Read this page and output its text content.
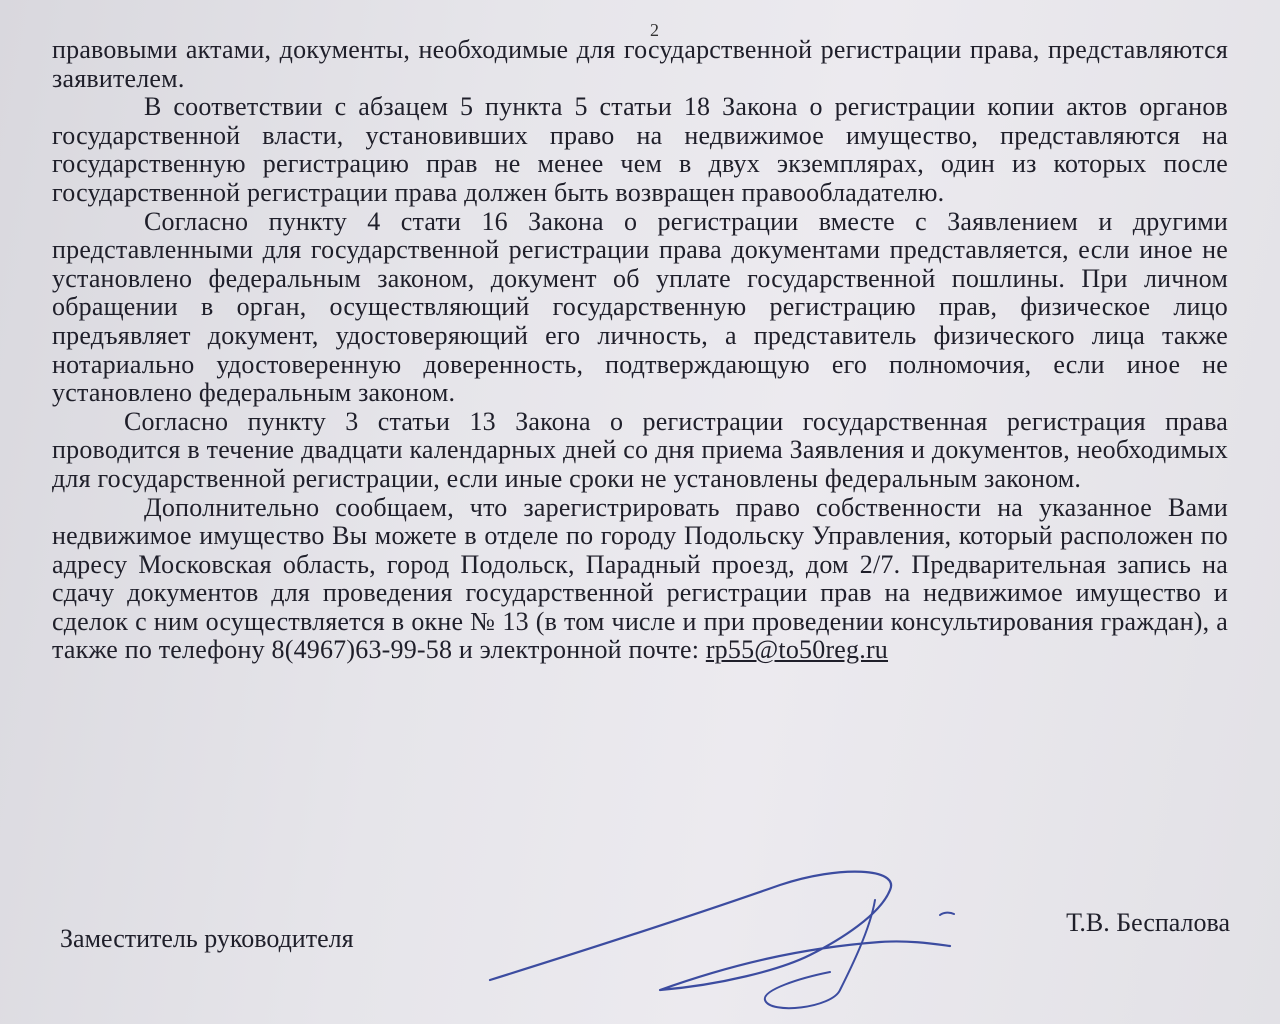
2

правовыми актами, документы, необходимые для государственной регистрации права, представляются заявителем.

В соответствии с абзацем 5 пункта 5 статьи 18 Закона о регистрации копии актов органов государственной власти, установивших право на недвижимое имущество, представляются на государственную регистрацию прав не менее чем в двух экземплярах, один из которых после государственной регистрации права должен быть возвращен правообладателю.

Согласно пункту 4 стати 16 Закона о регистрации вместе с Заявлением и другими представленными для государственной регистрации права документами представляется, если иное не установлено федеральным законом, документ об уплате государственной пошлины. При личном обращении в орган, осуществляющий государственную регистрацию прав, физическое лицо предъявляет документ, удостоверяющий его личность, а представитель физического лица также нотариально удостоверенную доверенность, подтверждающую его полномочия, если иное не установлено федеральным законом.

Согласно пункту 3 статьи 13 Закона о регистрации государственная регистрация права проводится в течение двадцати календарных дней со дня приема Заявления и документов, необходимых для государственной регистрации, если иные сроки не установлены федеральным законом.

Дополнительно сообщаем, что зарегистрировать право собственности на указанное Вами недвижимое имущество Вы можете в отделе по городу Подольску Управления, который расположен по адресу Московская область, город Подольск, Парадный проезд, дом 2/7. Предварительная запись на сдачу документов для проведения государственной регистрации прав на недвижимое имущество и сделок с ним осуществляется в окне № 13 (в том числе и при проведении консультирования граждан), а также по телефону 8(4967)63-99-58 и электронной почте: rp55@to50reg.ru

Заместитель руководителя
Т.В. Беспалова
